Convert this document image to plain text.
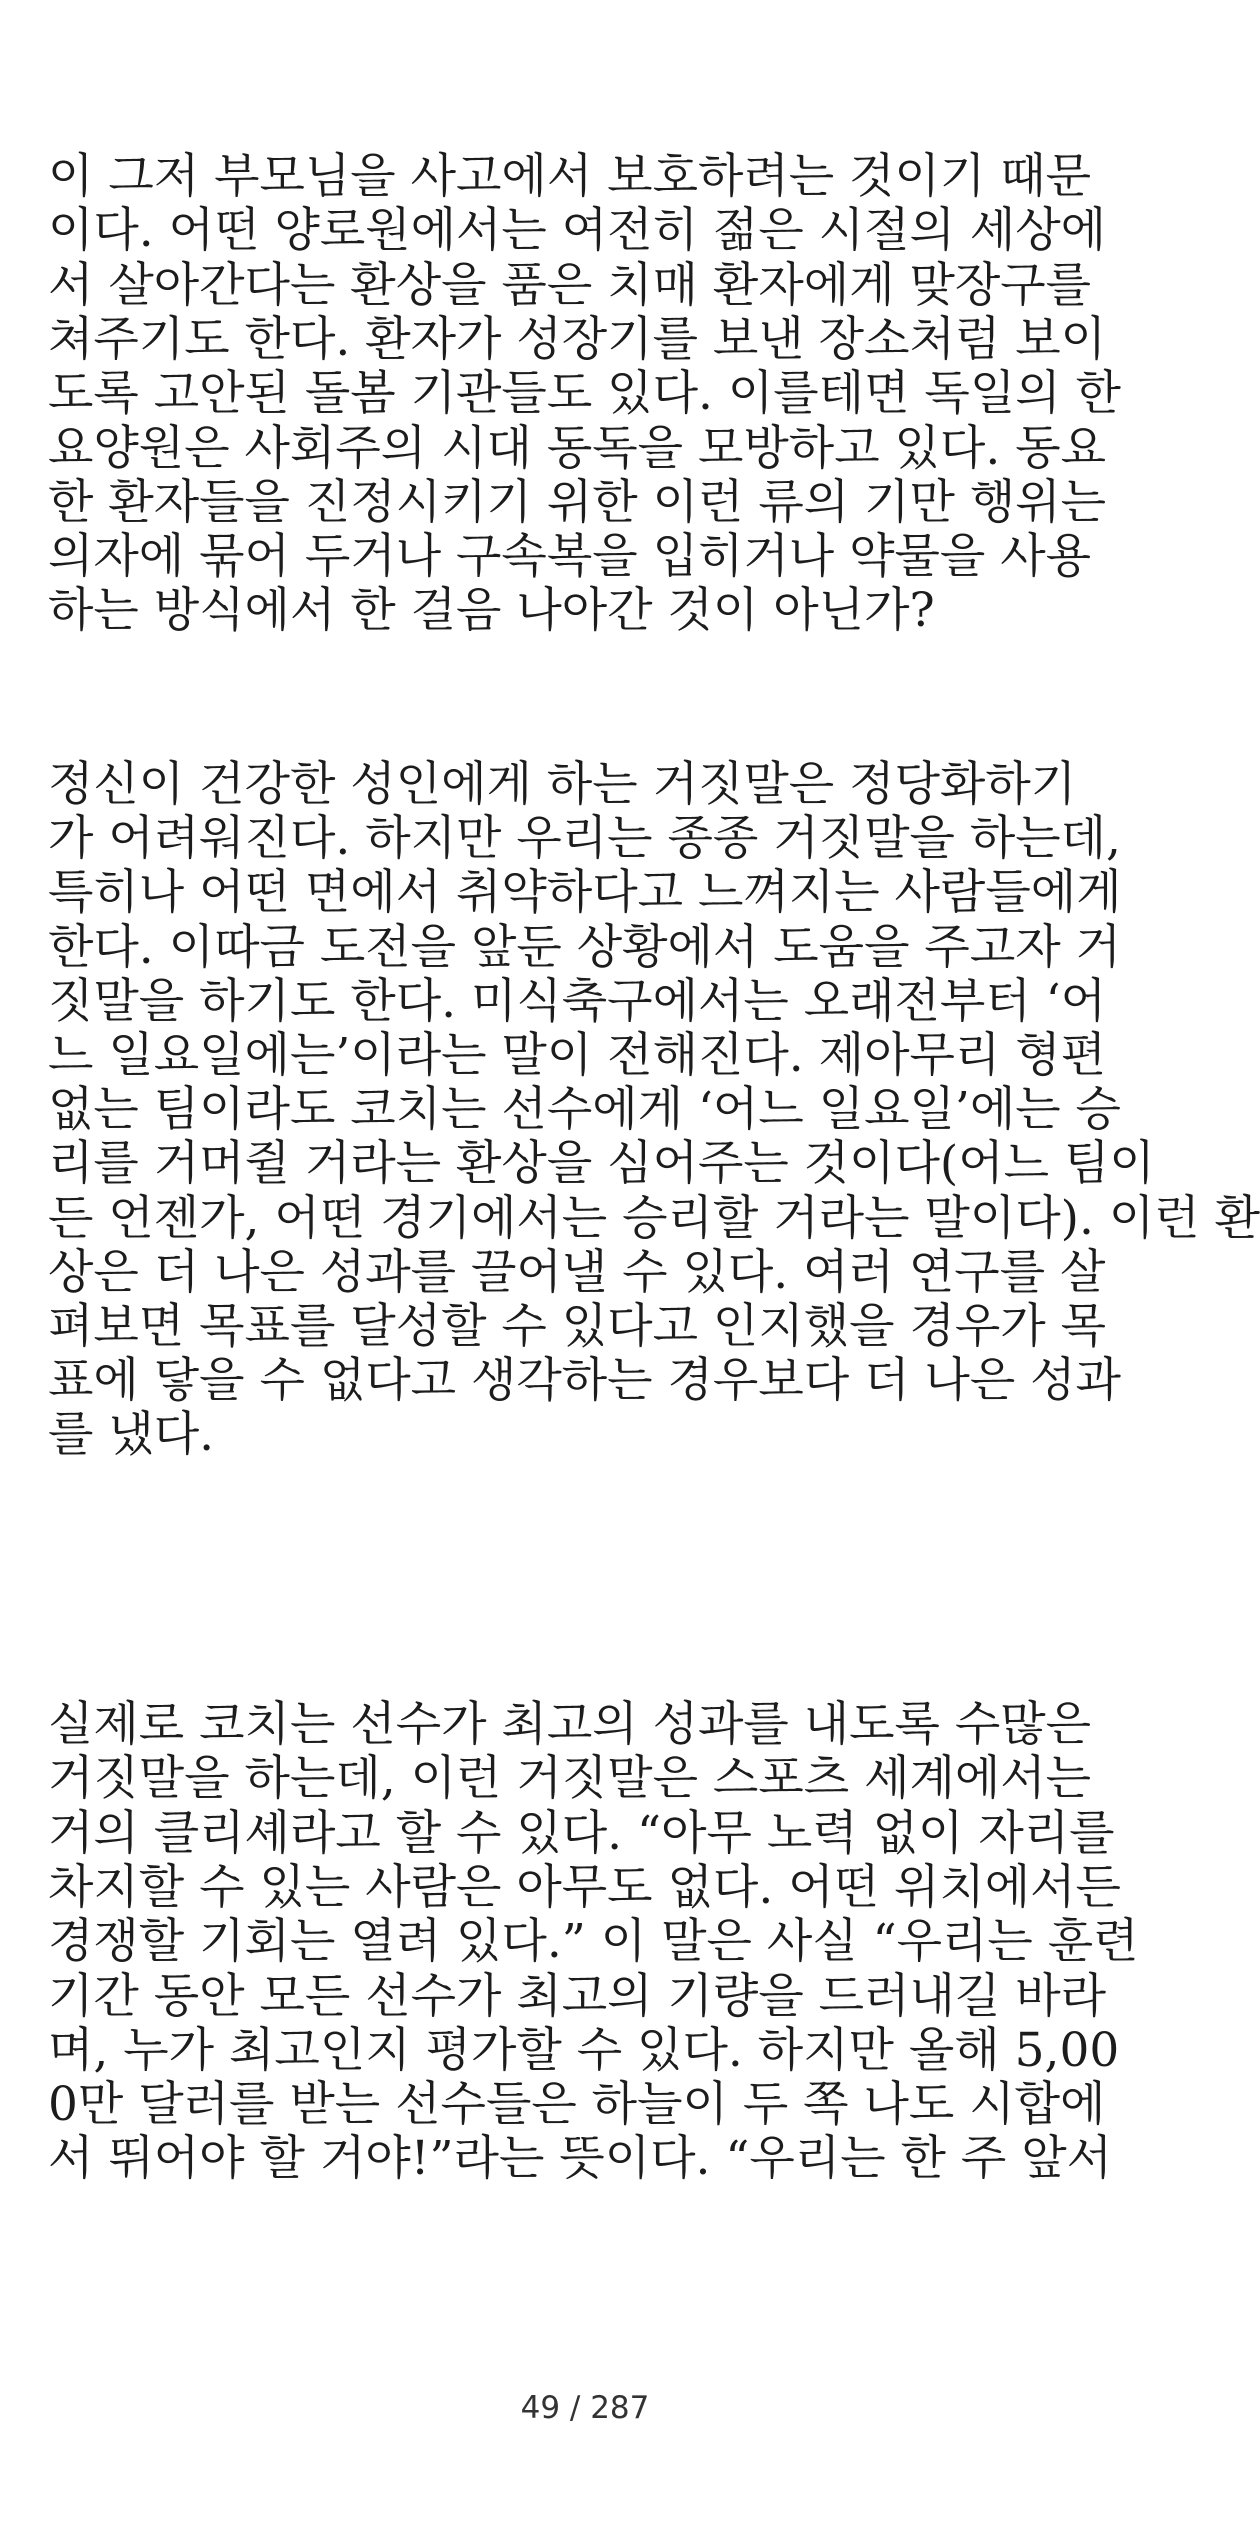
이 그저 부모님을 사고에서 보호하려는 것이기 때문
이다. 어떤 양로원에서는 여전히 젊은 시절의 세상에
서 살아간다는 환상을 품은 치매 환자에게 맞장구를
쳐주기도 한다. 환자가 성장기를 보낸 장소처럼 보이
도록 고안된 돌봄 기관들도 있다. 이를테면 독일의 한
요양원은 사회주의 시대 동독을 모방하고 있다. 동요
한 환자들을 진정시키기 위한 이런 류의 기만 행위는
의자에 묶어 두거나 구속복을 입히거나 약물을 사용
하는 방식에서 한 걸음 나아간 것이 아닌가?
정신이 건강한 성인에게 하는 거짓말은 정당화하기
가 어려워진다. 하지만 우리는 종종 거짓말을 하는데,
특히나 어떤 면에서 취약하다고 느껴지는 사람들에게
한다. 이따금 도전을 앞둔 상황에서 도움을 주고자 거
짓말을 하기도 한다. 미식축구에서는 오래전부터 ‘어
느 일요일에는’이라는 말이 전해진다. 제아무리 형편
없는 팀이라도 코치는 선수에게 ‘어느 일요일’에는 승
리를 거머쥘 거라는 환상을 심어주는 것이다(어느 팀이
든 언젠가, 어떤 경기에서는 승리할 거라는 말이다). 이런 환
상은 더 나은 성과를 끌어낼 수 있다. 여러 연구를 살
펴보면 목표를 달성할 수 있다고 인지했을 경우가 목
표에 닿을 수 없다고 생각하는 경우보다 더 나은 성과
를 냈다.
실제로 코치는 선수가 최고의 성과를 내도록 수많은
거짓말을 하는데, 이런 거짓말은 스포츠 세계에서는
거의 클리셰라고 할 수 있다. “아무 노력 없이 자리를
차지할 수 있는 사람은 아무도 없다. 어떤 위치에서든
경쟁할 기회는 열려 있다.” 이 말은 사실 “우리는 훈련
기간 동안 모든 선수가 최고의 기량을 드러내길 바라
며, 누가 최고인지 평가할 수 있다. 하지만 올해 5,00
0만 달러를 받는 선수들은 하늘이 두 쪽 나도 시합에
서 뛰어야 할 거야!”라는 뜻이다. “우리는 한 주 앞서
49 / 287
